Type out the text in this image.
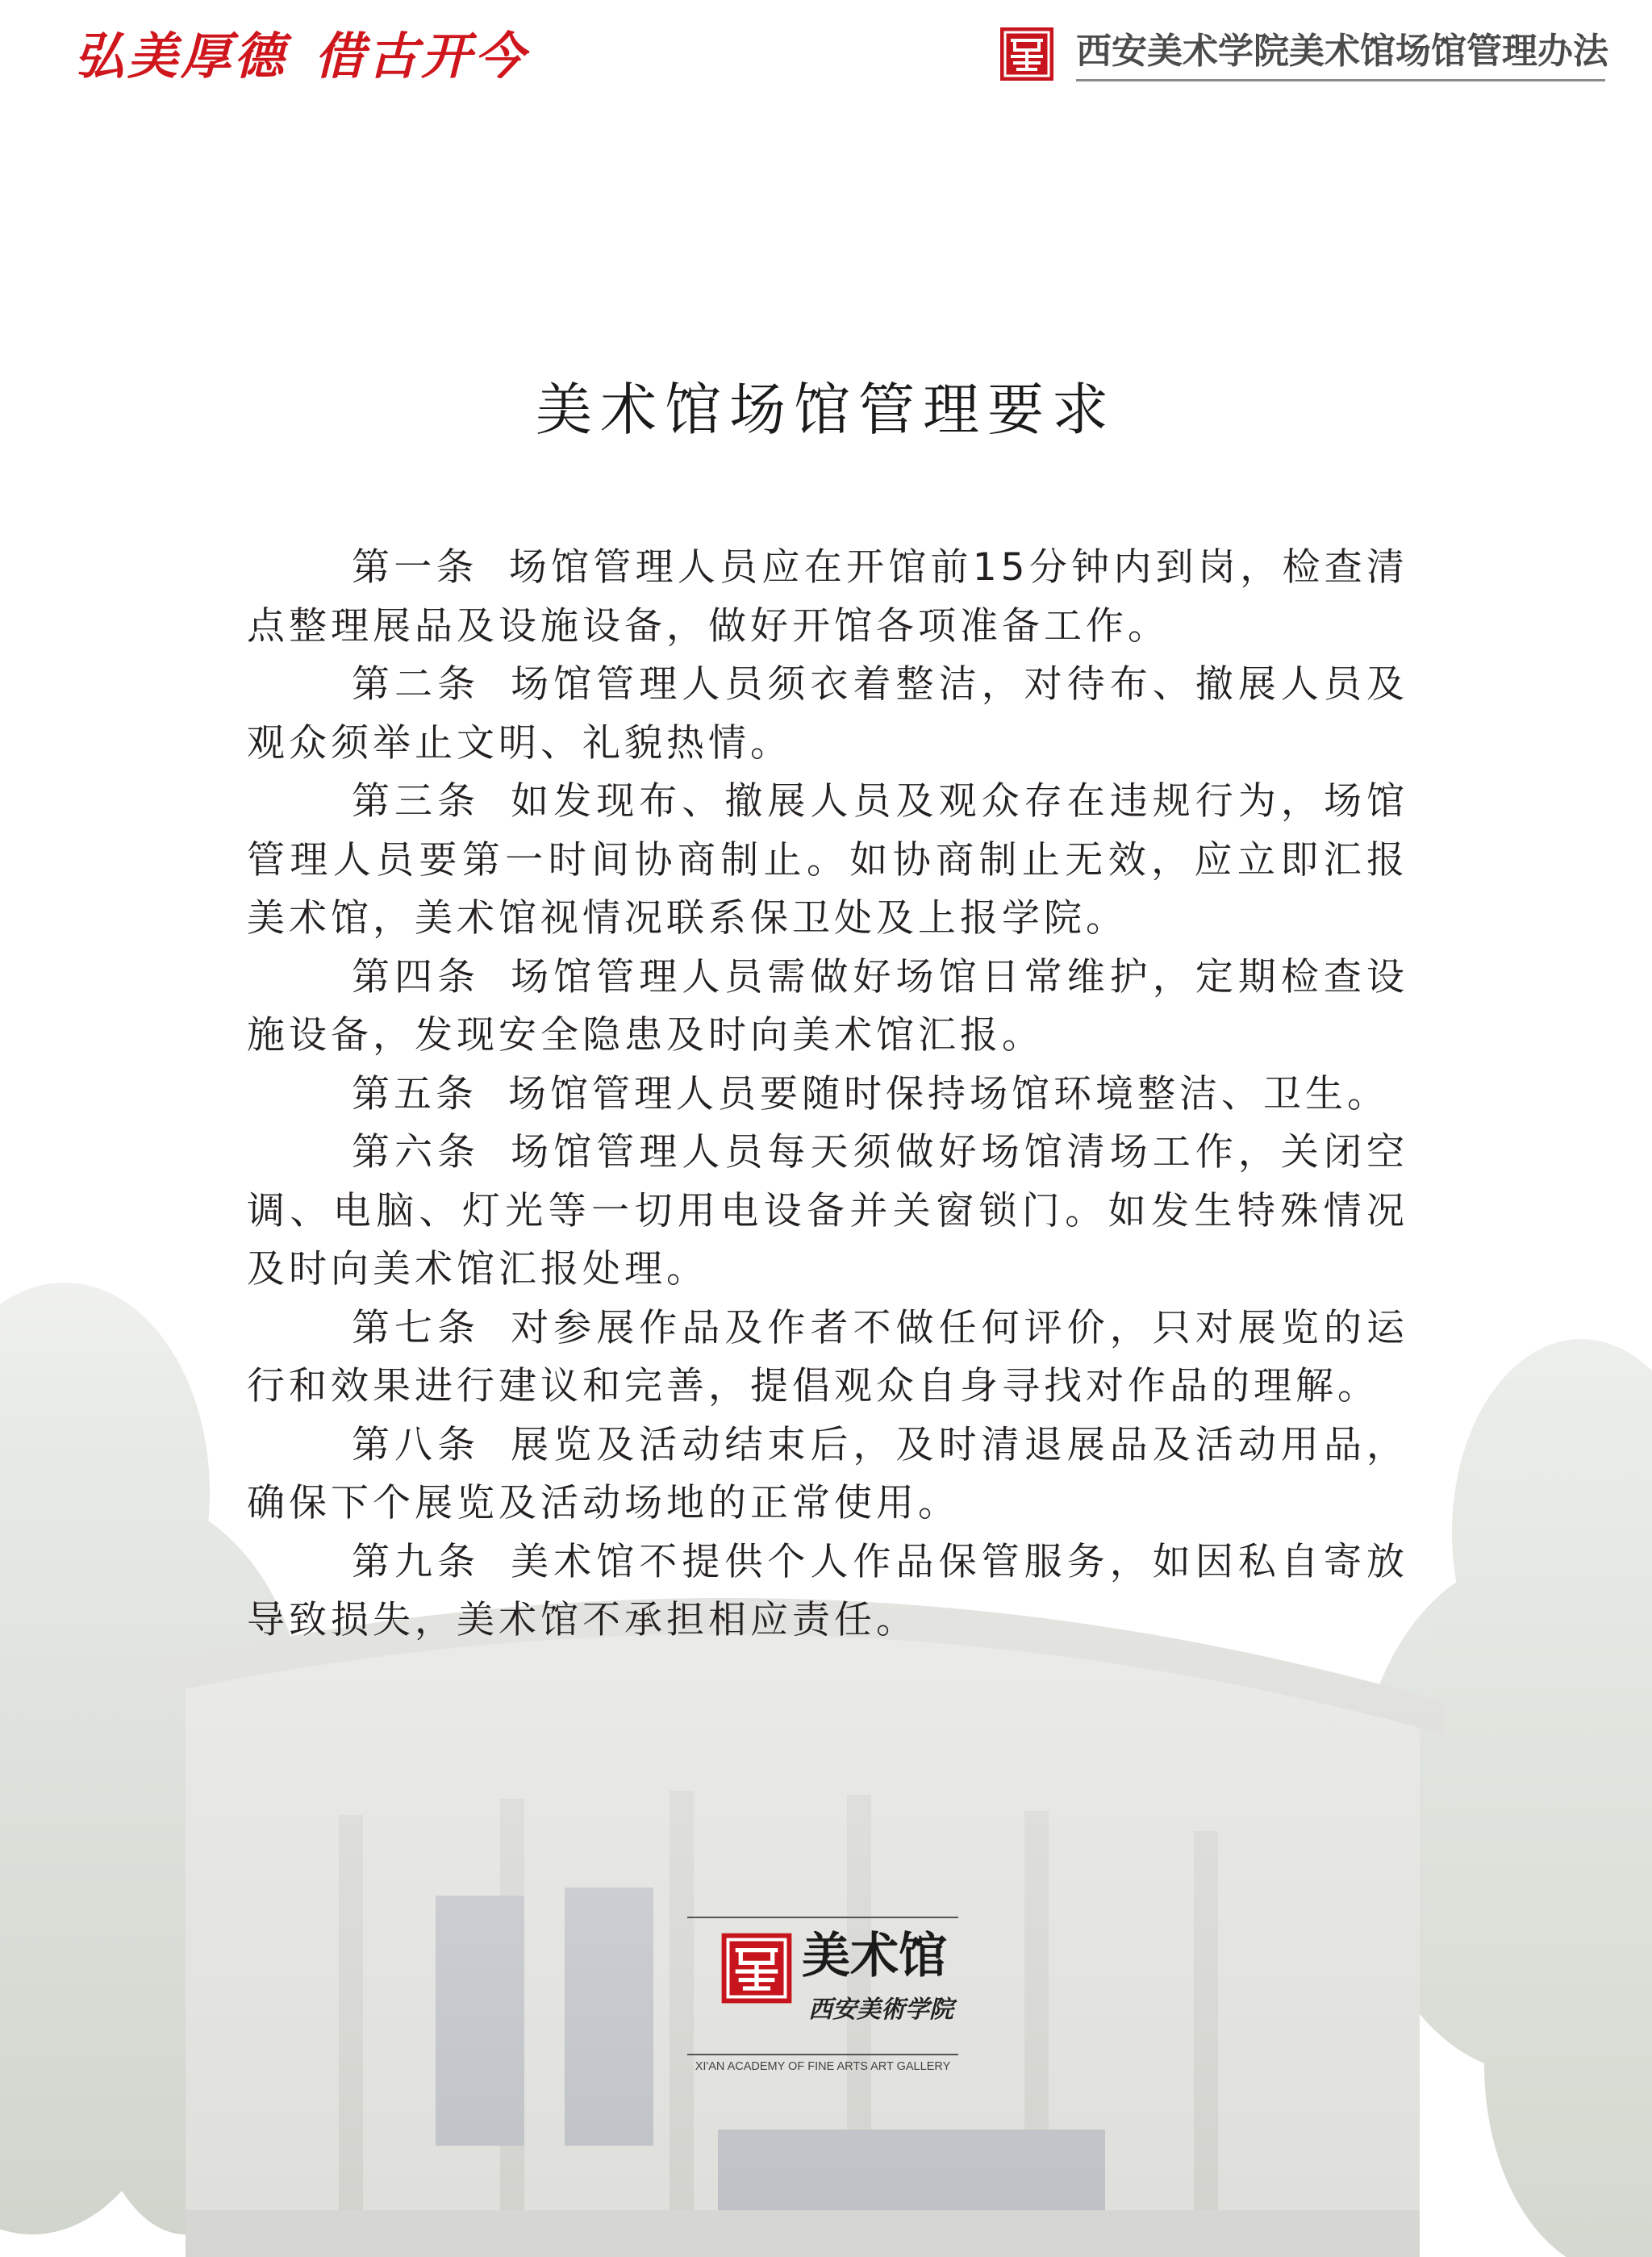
弘美厚德 借古开今	西安美术学院美术馆场馆管理办法
美术馆场馆管理要求

第一条 场馆管理人员应在开馆前15分钟内到岗，检查清点整理展品及设施设备，做好开馆各项准备工作。

第二条 场馆管理人员须衣着整洁，对待布、撤展人员及观众须举止文明、礼貌热情。

第三条 如发现布、撤展人员及观众存在违规行为，场馆管理人员要第一时间协商制止。如协商制止无效，应立即汇报美术馆，美术馆视情况联系保卫处及上报学院。

第四条 场馆管理人员需做好场馆日常维护，定期检查设施设备，发现安全隐患及时向美术馆汇报。

第五条 场馆管理人员要随时保持场馆环境整洁、卫生。

第六条 场馆管理人员每天须做好场馆清场工作，关闭空调、电脑、灯光等一切用电设备并关窗锁门。如发生特殊情况及时向美术馆汇报处理。

第七条 对参展作品及作者不做任何评价，只对展览的运行和效果进行建议和完善，提倡观众自身寻找对作品的理解。

第八条 展览及活动结束后，及时清退展品及活动用品，确保下个展览及活动场地的正常使用。

第九条 美术馆不提供个人作品保管服务，如因私自寄放导致损失，美术馆不承担相应责任。

美术馆
西安美術学院
XI'AN ACADEMY OF FINE ARTS ART GALLERY
